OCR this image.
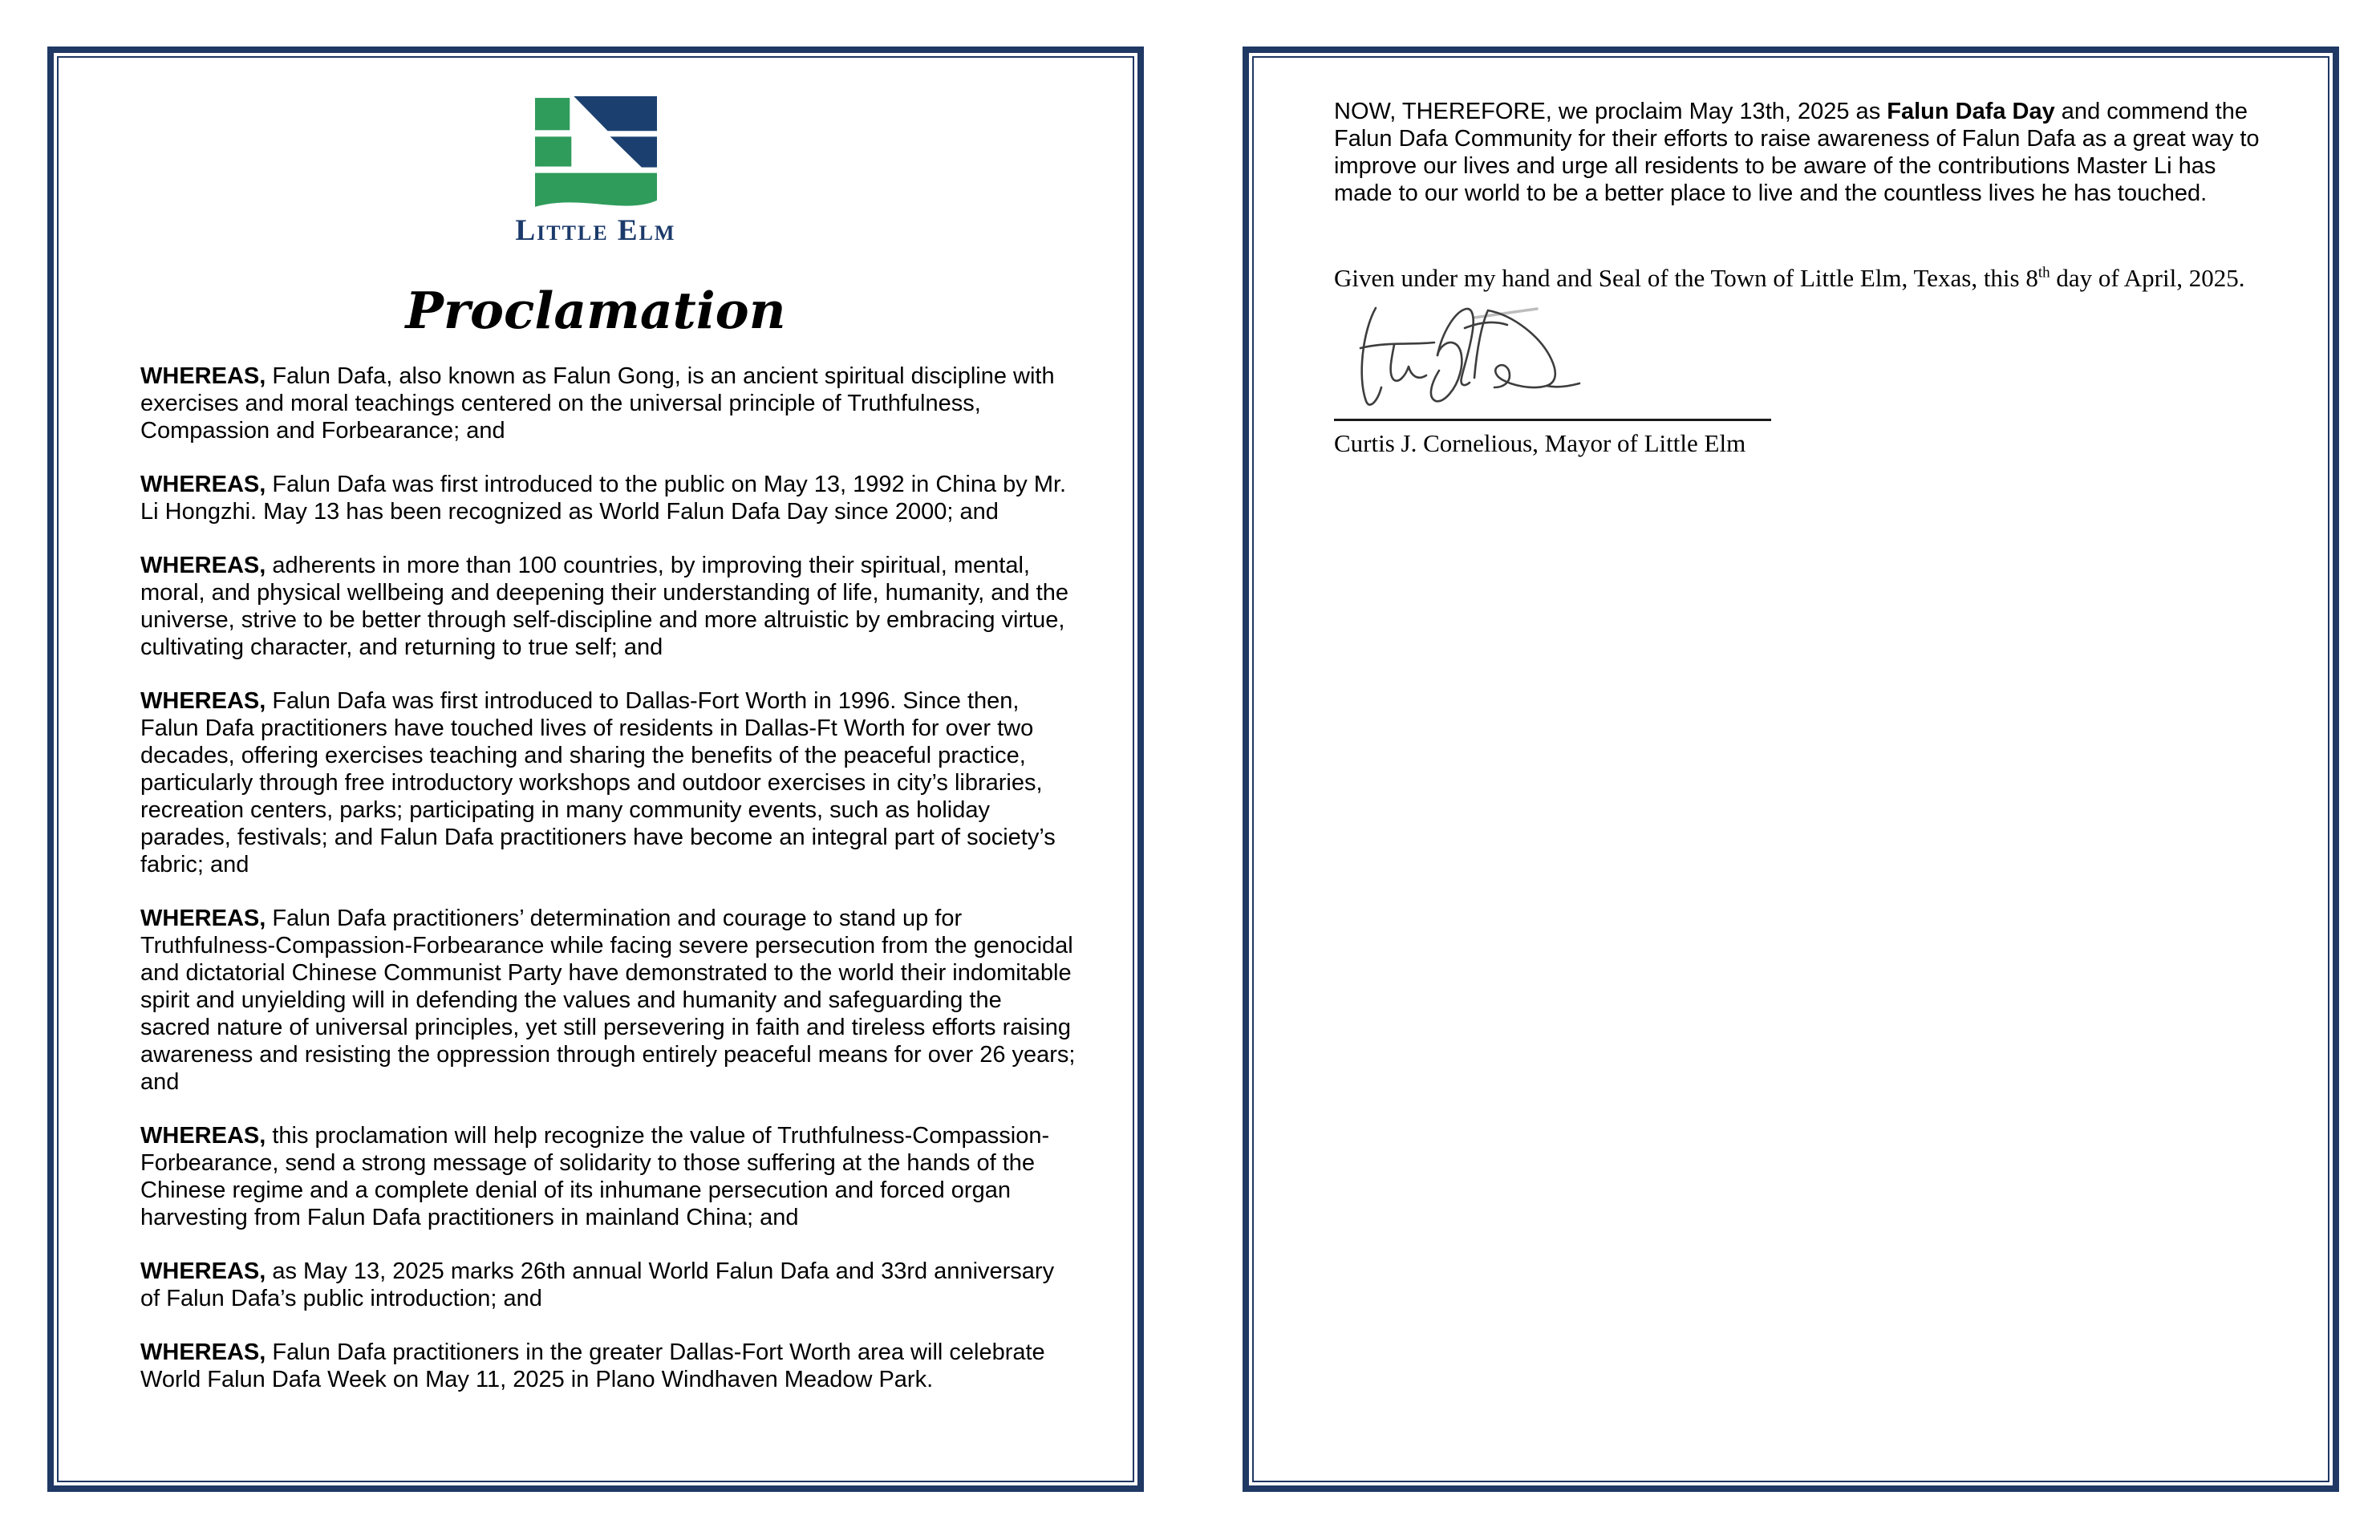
Little Elm
Proclamation

WHEREAS, Falun Dafa, also known as Falun Gong, is an ancient spiritual discipline with exercises and moral teachings centered on the universal principle of Truthfulness, Compassion and Forbearance; and

WHEREAS, Falun Dafa was first introduced to the public on May 13, 1992 in China by Mr. Li Hongzhi. May 13 has been recognized as World Falun Dafa Day since 2000; and

WHEREAS, adherents in more than 100 countries, by improving their spiritual, mental, moral, and physical wellbeing and deepening their understanding of life, humanity, and the universe, strive to be better through self-discipline and more altruistic by embracing virtue, cultivating character, and returning to true self; and

WHEREAS, Falun Dafa was first introduced to Dallas-Fort Worth in 1996. Since then, Falun Dafa practitioners have touched lives of residents in Dallas-Ft Worth for over two decades, offering exercises teaching and sharing the benefits of the peaceful practice, particularly through free introductory workshops and outdoor exercises in city’s libraries, recreation centers, parks; participating in many community events, such as holiday parades, festivals; and Falun Dafa practitioners have become an integral part of society’s fabric; and

WHEREAS, Falun Dafa practitioners’ determination and courage to stand up for Truthfulness-Compassion-Forbearance while facing severe persecution from the genocidal and dictatorial Chinese Communist Party have demonstrated to the world their indomitable spirit and unyielding will in defending the values and humanity and safeguarding the sacred nature of universal principles, yet still persevering in faith and tireless efforts raising awareness and resisting the oppression through entirely peaceful means for over 26 years; and

WHEREAS, this proclamation will help recognize the value of Truthfulness-Compassion-Forbearance, send a strong message of solidarity to those suffering at the hands of the Chinese regime and a complete denial of its inhumane persecution and forced organ harvesting from Falun Dafa practitioners in mainland China; and

WHEREAS, as May 13, 2025 marks 26th annual World Falun Dafa and 33rd anniversary of Falun Dafa’s public introduction; and

WHEREAS, Falun Dafa practitioners in the greater Dallas-Fort Worth area will celebrate World Falun Dafa Week on May 11, 2025 in Plano Windhaven Meadow Park.

NOW, THEREFORE, we proclaim May 13th, 2025 as Falun Dafa Day and commend the Falun Dafa Community for their efforts to raise awareness of Falun Dafa as a great way to improve our lives and urge all residents to be aware of the contributions Master Li has made to our world to be a better place to live and the countless lives he has touched.
Given under my hand and Seal of the Town of Little Elm, Texas, this 8th day of April, 2025.
Curtis J. Cornelious, Mayor of Little Elm
